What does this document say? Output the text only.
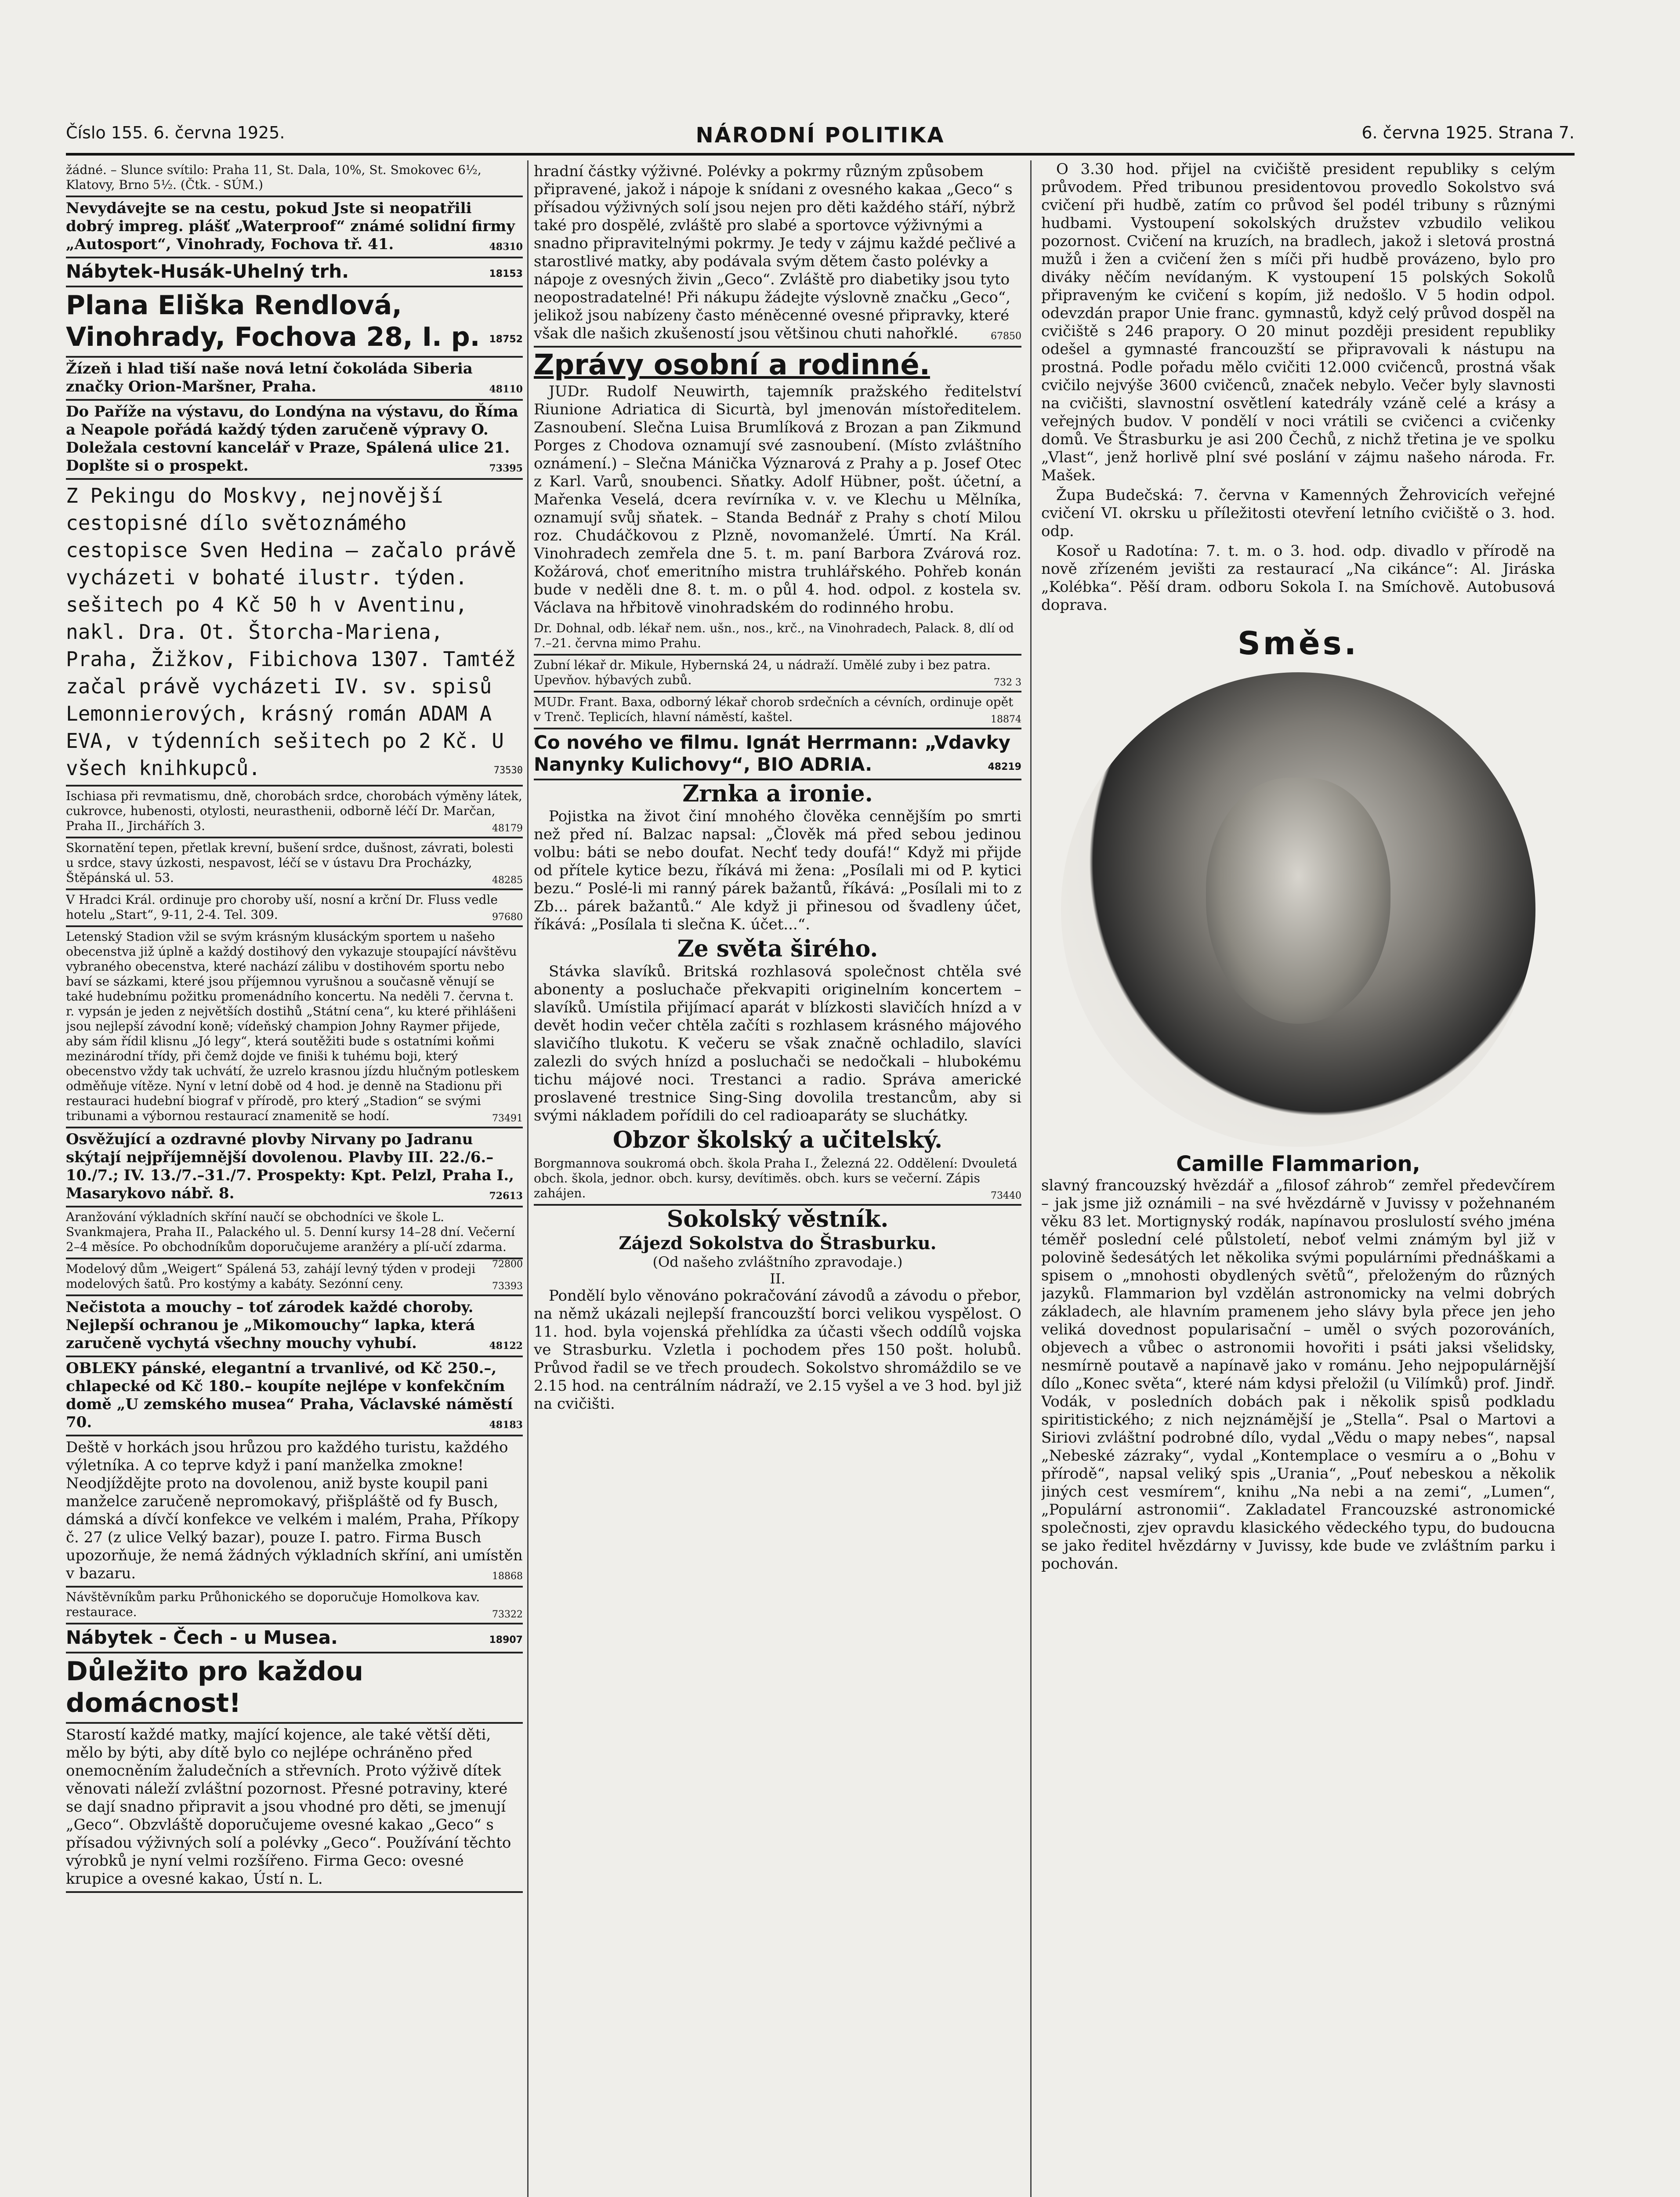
Číslo 155. 6. června 1925.	NÁRODNÍ POLITIKA	6. června 1925. Strana 7.
žádné. – Slunce svítilo: Praha 11, St. Dala, 10%, St. Smokovec 6½, Klatovy, Brno 5½. (Čtk. - SÚM.)
Nevydávejte se na cestu, pokud Jste si neopatřili dobrý impreg. plášť „Waterproof“ známé solidní firmy „Autosport“, Vinohrady, Fochova tř. 41.	48310
Nábytek-Husák-Uhelný trh.	18153
Plana Eliška Rendlová, Vinohrady, Fochova 28, I. p. 18752
Žízeň i hlad tiší naše nová letní čokoláda Siberia značky Orion-Maršner, Praha.	48110
Do Paříže na výstavu, do Londýna na výstavu, do Říma a Neapole pořádá každý týden zaručeně výpravy O. Doležala cestovní kancelář v Praze, Spálená ulice 21. Doplšte si o prospekt.	73395
Z Pekingu do Moskvy, nejnovější cestopisné dílo světoznámého cestopisce Sven Hedina – začalo právě vycházeti v bohaté ilustr. týden. sešitech po 4 Kč 50 h v Aventinu, nakl. Dra. Ot. Štorcha-Mariena, Praha, Žižkov, Fibichova 1307. Tamtéž začal právě vycházeti IV. sv. spisů Lemonnierových, krásný román ADAM A EVA, v týdenních sešitech po 2 Kč. U všech knihkupců.	73530
Ischiasa při revmatismu, dně, chorobách srdce, chorobách výměny látek, cukrovce, hubenosti, otylosti, neurasthenii, odborně léčí Dr. Marčan, Praha II., Jirchářích 3.	48179
Skornatění tepen, přetlak krevní, bušení srdce, dušnost, závrati, bolesti u srdce, stavy úzkosti, nespavost, léčí se v ústavu Dra Procházky, Štěpánská ul. 53.	48285
V Hradci Král. ordinuje pro choroby uší, nosní a krční Dr. Fluss vedle hotelu „Start“, 9-11, 2-4. Tel. 309.	97680
Letenský Stadion vžil se svým krásným klusáckým sportem u našeho obecenstva již úplně a každý dostihový den vykazuje stoupající návštěvu vybraného obecenstva, které nachází zálibu v dostihovém sportu nebo baví se sázkami, které jsou příjemnou vyrušnou a současně věnují se také hudebnímu požitku promenádního koncertu. Na neděli 7. června t. r. vypsán je jeden z největších dostihů „Státní cena“, ku které přihlášeni jsou nejlepší závodní koně; vídeňský champion Johny Raymer přijede, aby sám řídil klisnu „Jó legy“, která soutěžiti bude s ostatními koňmi mezinárodní třídy, při čemž dojde ve finiši k tuhému boji, který obecenstvo vždy tak uchvátí, že uzrelo krasnou jízdu hlučným potleskem odměňuje vítěze. Nyní v letní době od 4 hod. je denně na Stadionu při restauraci hudební biograf v přírodě, pro který „Stadion“ se svými tribunami a výbornou restaurací znamenitě se hodí.	73491
Osvěžující a ozdravné plovby Nirvany po Jadranu skýtají nejpříjemnější dovolenou. Plavby III. 22./6.–10./7.; IV. 13./7.–31./7. Prospekty: Kpt. Pelzl, Praha I., Masarykovo nábř. 8.	72613
Aranžování výkladních skříní naučí se obchodníci ve škole L. Svankmajera, Praha II., Palackého ul. 5. Denní kursy 14–28 dní. Večerní 2–4 měsíce. Po obchodníkům doporučujeme aranžéry a plí-učí zdarma.
72800
Modelový dům „Weigert“ Spálená 53, zahájí levný týden v prodeji modelových šatů. Pro kostýmy a kabáty. Sezónní ceny.	73393
Nečistota a mouchy – toť zárodek každé choroby. Nejlepší ochranou je „Mikomouchy“ lapka, která zaručeně vychytá všechny mouchy vyhubí.	48122
OBLEKY pánské, elegantní a trvanlivé, od Kč 250.–, chlapecké od Kč 180.– koupíte nejlépe v konfekčním domě „U zemského musea“ Praha, Václavské náměstí 70.	48183
Deště v horkách jsou hrůzou pro každého turistu, každého výletníka. A co teprve když i paní manželka zmokne! Neodjíždějte proto na dovolenou, aniž byste koupil pani manželce zaručeně nepromokavý, přišpláště od fy Busch, dámská a dívčí konfekce ve velkém i malém, Praha, Příkopy č. 27 (z ulice Velký bazar), pouze I. patro. Firma Busch upozorňuje, že nemá žádných výkladních skříní, ani umístěn v bazaru.	18868
Návštěvníkům parku Průhonického se doporučuje Homolkova kav. restaurace.	73322
Nábytek - Čech - u Musea.	18907
Důležito pro každou domácnost!
Starostí každé matky, mající kojence, ale také větší děti, mělo by býti, aby dítě bylo co nejlépe ochráněno před onemocněním žaludečních a střevních. Proto výživě dítek věnovati náleží zvláštní pozornost. Přesné potraviny, které se dají snadno připravit a jsou vhodné pro děti, se jmenují „Geco“. Obzvláště doporučujeme ovesné kakao „Geco“ s přísadou výživných solí a polévky „Geco“. Používání těchto výrobků je nyní velmi rozšířeno. Firma Geco: ovesné krupice a ovesné kakao, Ústí n. L.
hradní částky výživné. Polévky a pokrmy různým způsobem připravené, jakož i nápoje k snídani z ovesného kakaa „Geco“ s přísadou výživných solí jsou nejen pro děti každého stáří, nýbrž také pro dospělé, zvláště pro slabé a sportovce výživnými a snadno připravitelnými pokrmy. Je tedy v zájmu každé pečlivé a starostlivé matky, aby podávala svým dětem často polévky a nápoje z ovesných živin „Geco“. Zvláště pro diabetiky jsou tyto neopostradatelné! Při nákupu žádejte výslovně značku „Geco“, jelikož jsou nabízeny často méněcenné ovesné připravky, které však dle našich zkušeností jsou většinou chuti nahořklé.	67850
Zprávy osobní a rodinné.

JUDr. Rudolf Neuwirth, tajemník pražského ředitelství Riunione Adriatica di Sicurtà, byl jmenován místoředitelem. Zasnoubení. Slečna Luisa Brumlíková z Brozan a pan Zikmund Porges z Chodova oznamují své zasnoubení. (Místo zvláštního oznámení.) – Slečna Mánička Význarová z Prahy a p. Josef Otec z Karl. Varů, snoubenci. Sňatky. Adolf Hübner, pošt. účetní, a Mařenka Veselá, dcera revírníka v. v. ve Klechu u Mělníka, oznamují svůj sňatek. – Standa Bednář z Prahy s chotí Milou roz. Chudáčkovou z Plzně, novomanželé. Úmrtí. Na Král. Vinohradech zemřela dne 5. t. m. paní Barbora Zvárová roz. Kožárová, choť emeritního mistra truhlářského. Pohřeb konán bude v neděli dne 8. t. m. o půl 4. hod. odpol. z kostela sv. Václava na hřbitově vinohradském do rodinného hrobu.

Dr. Dohnal, odb. lékař nem. ušn., nos., krč., na Vinohradech, Palack. 8, dlí od 7.–21. června mimo Prahu.
Zubní lékař dr. Mikule, Hybernská 24, u nádraží. Umělé zuby i bez patra. Upevňov. hýbavých zubů.	732 3
MUDr. Frant. Baxa, odborný lékař chorob srdečních a cévních, ordinuje opět v Trenč. Teplicích, hlavní náměstí, kaštel.	18874
Co nového ve filmu. Ignát Herrmann: „Vdavky Nanynky Kulichovy“, BIO ADRIA.	48219
Zrnka a ironie.

Pojistka na život činí mnohého člověka cennějším po smrti než před ní. Balzac napsal: „Člověk má před sebou jedinou volbu: báti se nebo doufat. Nechť tedy doufá!“ Když mi přijde od přítele kytice bezu, říkává mi žena: „Posílali mi od P. kytici bezu.“ Poslé-li mi ranný párek bažantů, říkává: „Posílali mi to z Zb... párek bažantů.“ Ale když ji přinesou od švadleny účet, říkává: „Posílala ti slečna K. účet...“.

Ze světa širého.

Stávka slavíků. Britská rozhlasová společnost chtěla své abonenty a posluchače překvapiti originelním koncertem – slavíků. Umístila přijímací aparát v blízkosti slavičích hnízd a v devět hodin večer chtěla začíti s rozhlasem krásného májového slavičího tlukotu. K večeru se však značně ochladilo, slavíci zalezli do svých hnízd a posluchači se nedočkali – hlubokému tichu májové noci. Trestanci a radio. Správa americké proslavené trestnice Sing-Sing dovolila trestancům, aby si svými nákladem pořídili do cel radioaparáty se sluchátky.

Obzor školský a učitelský.
Borgmannova soukromá obch. škola Praha I., Železná 22. Oddělení: Dvouletá obch. škola, jednor. obch. kursy, devítiměs. obch. kurs se večerní. Zápis zahájen.	73440
Sokolský věstník.
Zájezd Sokolstva do Štrasburku.
(Od našeho zvláštního zpravodaje.)
II.

Pondělí bylo věnováno pokračování závodů a závodu o přebor, na němž ukázali nejlepší francouzští borci velikou vyspělost. O 11. hod. byla vojenská přehlídka za účasti všech oddílů vojska ve Strasburku. Vzletla i pochodem přes 150 pošt. holubů. Průvod řadil se ve třech proudech. Sokolstvo shromáždilo se ve 2.15 hod. na centrálním nádraží, ve 2.15 vyšel a ve 3 hod. byl již na cvičišti.

O 3.30 hod. přijel na cvičiště president republiky s celým průvodem. Před tribunou presidentovou provedlo Sokolstvo svá cvičení při hudbě, zatím co průvod šel podél tribuny s různými hudbami. Vystoupení sokolských družstev vzbudilo velikou pozornost. Cvičení na kruzích, na bradlech, jakož i sletová prostná mužů i žen a cvičení žen s míči při hudbě provázeno, bylo pro diváky něčím nevídaným. K vystoupení 15 polských Sokolů připraveným ke cvičení s kopím, již nedošlo. V 5 hodin odpol. odevzdán prapor Unie franc. gymnastů, když celý průvod dospěl na cvičiště s 246 prapory. O 20 minut později president republiky odešel a gymnasté francouzští se připravovali k nástupu na prostná. Podle pořadu mělo cvičiti 12.000 cvičenců, prostná však cvičilo nejvýše 3600 cvičenců, značek nebylo. Večer byly slavnosti na cvičišti, slavnostní osvětlení katedrály vzáně celé a krásy a veřejných budov. V pondělí v noci vrátili se cvičenci a cvičenky domů. Ve Štrasburku je asi 200 Čechů, z nichž třetina je ve spolku „Vlast“, jenž horlivě plní své poslání v zájmu našeho národa. Fr. Mašek.

Župa Budečská: 7. června v Kamenných Žehrovicích veřejné cvičení VI. okrsku u příležitosti otevření letního cvičiště o 3. hod. odp.

Kosoř u Radotína: 7. t. m. o 3. hod. odp. divadlo v přírodě na nově zřízeném jevišti za restaurací „Na cikánce“: Al. Jiráska „Kolébka“. Pěší dram. odboru Sokola I. na Smíchově. Autobusová doprava.

Směs.
Camille Flammarion,

slavný francouzský hvězdář a „filosof záhrob“ zemřel předevčírem – jak jsme již oznámili – na své hvězdárně v Juvissy v požehnaném věku 83 let. Mortignyský rodák, napínavou proslulostí svého jména téměř poslední celé půlstoletí, neboť velmi známým byl již v polovině šedesátých let několika svými populárními přednáškami a spisem o „mnohosti obydlených světů“, přeloženým do různých jazyků. Flammarion byl vzdělán astronomicky na velmi dobrých základech, ale hlavním pramenem jeho slávy byla přece jen jeho veliká dovednost popularisační – uměl o svých pozorováních, objevech a vůbec o astronomii hovořiti i psáti jaksi všelidsky, nesmírně poutavě a napínavě jako v románu. Jeho nejpopulárnější dílo „Konec světa“, které nám kdysi přeložil (u Vilímků) prof. Jindř. Vodák, v posledních dobách pak i několik spisů podkladu spiritistického; z nich nejznámější je „Stella“. Psal o Martovi a Siriovi zvláštní podrobné dílo, vydal „Vědu o mapy nebes“, napsal „Nebeské zázraky“, vydal „Kontemplace o vesmíru a o „Bohu v přírodě“, napsal veliký spis „Urania“, „Pouť nebeskou a několik jiných cest vesmírem“, knihu „Na nebi a na zemi“, „Lumen“, „Populární astronomii“. Zakladatel Francouzské astronomické společnosti, zjev opravdu klasického vědeckého typu, do budoucna se jako ředitel hvězdárny v Juvissy, kde bude ve zvláštním parku i pochován.
